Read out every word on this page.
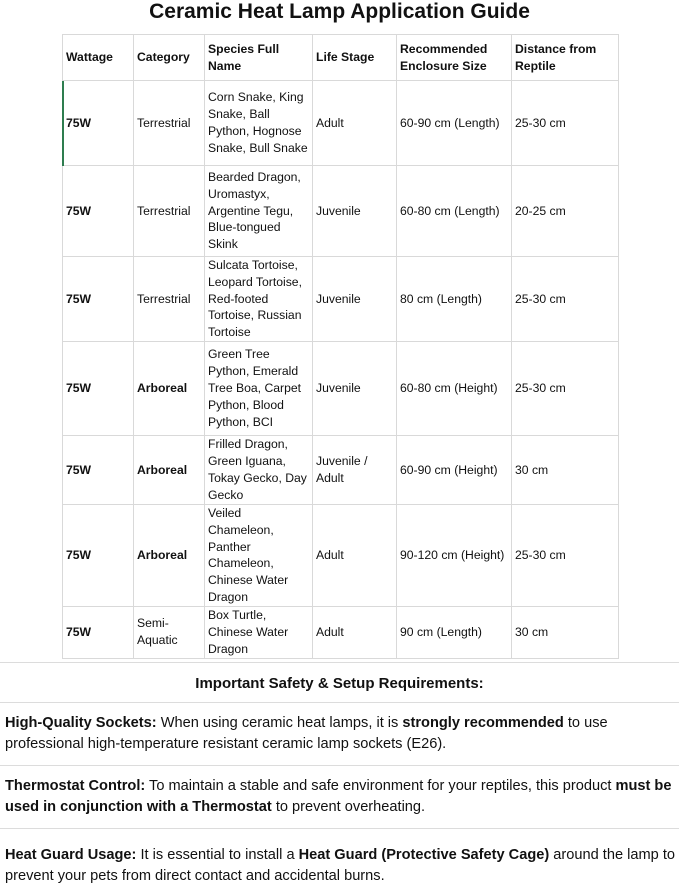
Ceramic Heat Lamp Application Guide
Wattage	Category	Species Full Name	Life Stage	Recommended Enclosure Size	Distance from Reptile
75W	Terrestrial	Corn Snake, King Snake, Ball Python, Hognose Snake, Bull Snake	Adult	60-90 cm (Length)	25-30 cm
75W	Terrestrial	Bearded Dragon, Uromastyx, Argentine Tegu, Blue-tongued Skink	Juvenile	60-80 cm (Length)	20-25 cm
75W	Terrestrial	Sulcata Tortoise, Leopard Tortoise, Red-footed Tortoise, Russian Tortoise	Juvenile	80 cm (Length)	25-30 cm
75W	Arboreal	Green Tree Python, Emerald Tree Boa, Carpet Python, Blood Python, BCI	Juvenile	60-80 cm (Height)	25-30 cm
75W	Arboreal	Frilled Dragon, Green Iguana, Tokay Gecko, Day Gecko	Juvenile / Adult	60-90 cm (Height)	30 cm
75W	Arboreal	Veiled Chameleon, Panther Chameleon, Chinese Water Dragon	Adult	90-120 cm (Height)	25-30 cm
75W	Semi-Aquatic	Box Turtle, Chinese Water Dragon	Adult	90 cm (Length)	30 cm
Important Safety & Setup Requirements:
High-Quality Sockets: When using ceramic heat lamps, it is strongly recommended to use professional high-temperature resistant ceramic lamp sockets (E26).
Thermostat Control: To maintain a stable and safe environment for your reptiles, this product must be used in conjunction with a Thermostat to prevent overheating.
Heat Guard Usage: It is essential to install a Heat Guard (Protective Safety Cage) around the lamp to prevent your pets from direct contact and accidental burns.
